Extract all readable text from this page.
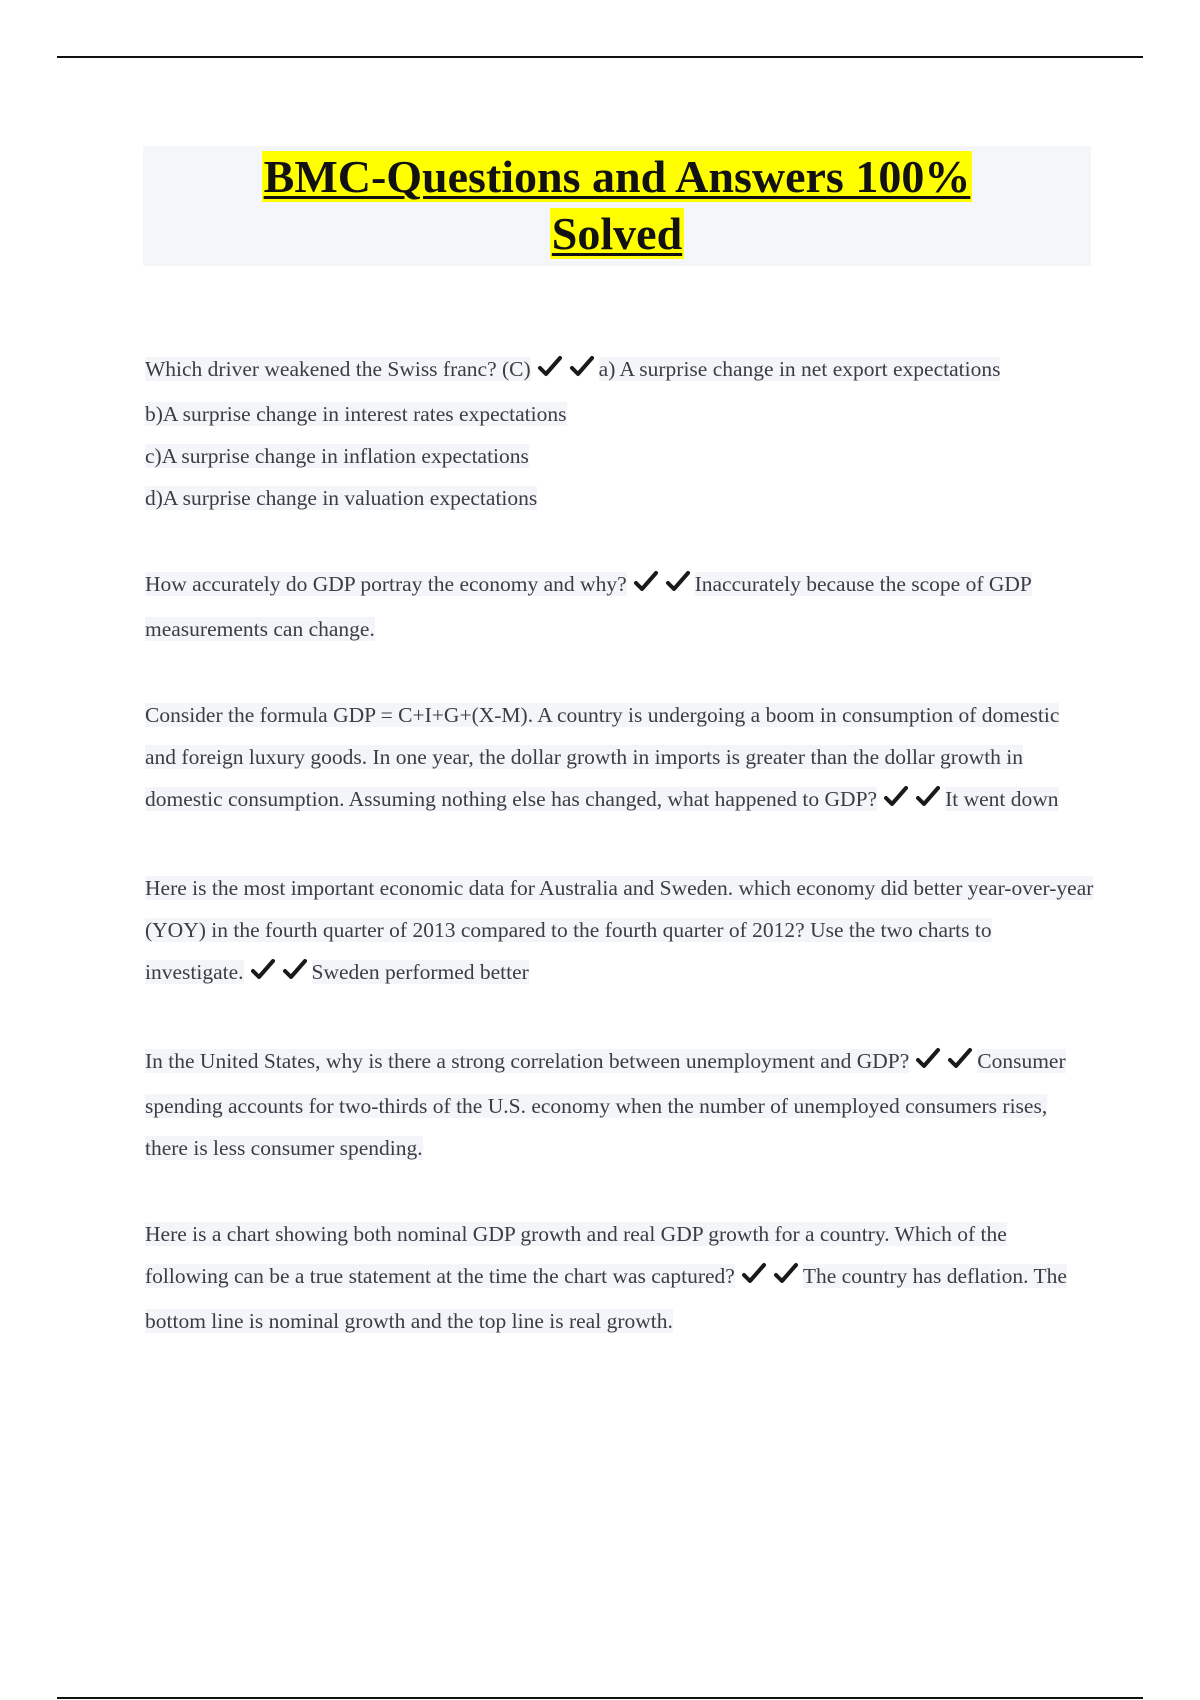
BMC-Questions and Answers 100%
Solved

Which driver weakened the Swiss franc? (C)	a) A surprise change in net export expectations

b)A surprise change in interest rates expectations

c)A surprise change in inflation expectations

d)A surprise change in valuation expectations

How accurately do GDP portray the economy and why?	Inaccurately because the scope of GDP measurements can change.

Consider the formula GDP = C+I+G+(X-M). A country is undergoing a boom in consumption of domestic and foreign luxury goods. In one year, the dollar growth in imports is greater than the dollar growth in domestic consumption. Assuming nothing else has changed, what happened to GDP?	It went down

Here is the most important economic data for Australia and Sweden. which economy did better year-over-year (YOY) in the fourth quarter of 2013 compared to the fourth quarter of 2012? Use the two charts to investigate.	Sweden performed better

In the United States, why is there a strong correlation between unemployment and GDP?	Consumer spending accounts for two-thirds of the U.S. economy when the number of unemployed consumers rises, there is less consumer spending.

Here is a chart showing both nominal GDP growth and real GDP growth for a country. Which of the following can be a true statement at the time the chart was captured?	The country has deflation. The bottom line is nominal growth and the top line is real growth.
